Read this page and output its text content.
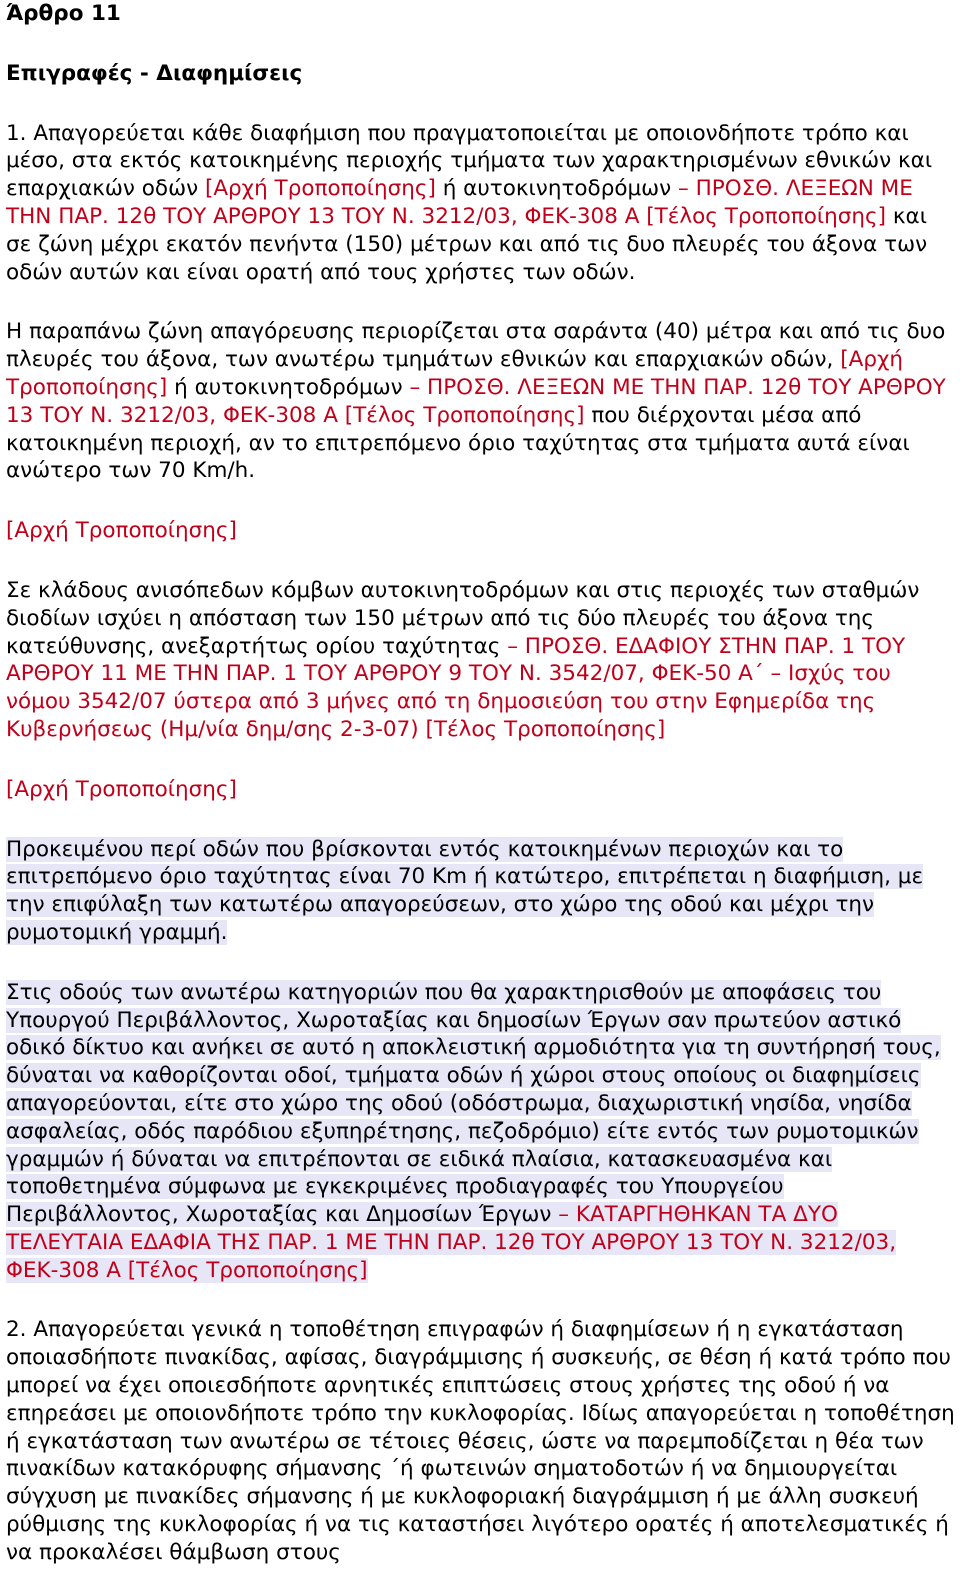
Άρθρο 11

Επιγραφές - Διαφημίσεις

1. Απαγορεύεται κάθε διαφήμιση που πραγματοποιείται με οποιονδήποτε τρόπο και μέσο, στα εκτός κατοικημένης περιοχής τμήματα των χαρακτηρισμένων εθνικών και επαρχιακών οδών [Αρχή Τροποποίησης] ή αυτοκινητοδρόμων – ΠΡΟΣΘ. ΛΕΞΕΩΝ ΜΕ ΤΗΝ ΠΑΡ. 12θ ΤΟΥ ΑΡΘΡΟΥ 13 ΤΟΥ Ν. 3212/03, ΦΕΚ-308 Α [Τέλος Τροποποίησης] και σε ζώνη μέχρι εκατόν πενήντα (150) μέτρων και από τις δυο πλευρές του άξονα των οδών αυτών και είναι ορατή από τους χρήστες των οδών.

Η παραπάνω ζώνη απαγόρευσης περιορίζεται στα σαράντα (40) μέτρα και από τις δυο πλευρές του άξονα, των ανωτέρω τμημάτων εθνικών και επαρχιακών οδών, [Αρχή Τροποποίησης] ή αυτοκινητοδρόμων – ΠΡΟΣΘ. ΛΕΞΕΩΝ ΜΕ ΤΗΝ ΠΑΡ. 12θ ΤΟΥ ΑΡΘΡΟΥ 13 ΤΟΥ Ν. 3212/03, ΦΕΚ-308 Α [Τέλος Τροποποίησης] που διέρχονται μέσα από κατοικημένη περιοχή, αν το επιτρεπόμενο όριο ταχύτητας στα τμήματα αυτά είναι ανώτερο των 70 Km/h.

[Αρχή Τροποποίησης]

Σε κλάδους ανισόπεδων κόμβων αυτοκινητοδρόμων και στις περιοχές των σταθμών διοδίων ισχύει η απόσταση των 150 μέτρων από τις δύο πλευρές του άξονα της κατεύθυνσης, ανεξαρτήτως ορίου ταχύτητας – ΠΡΟΣΘ. ΕΔΑΦΙΟΥ ΣΤΗΝ ΠΑΡ. 1 ΤΟΥ ΑΡΘΡΟΥ 11 ΜΕ ΤΗΝ ΠΑΡ. 1 ΤΟΥ ΑΡΘΡΟΥ 9 ΤΟΥ Ν. 3542/07, ΦΕΚ-50 Α΄ – Ισχύς του νόμου 3542/07 ύστερα από 3 μήνες από τη δημοσιεύση του στην Εφημερίδα της Κυβερνήσεως (Ημ/νία δημ/σης 2-3-07) [Τέλος Τροποποίησης]

[Αρχή Τροποποίησης]

Προκειμένου περί οδών που βρίσκονται εντός κατοικημένων περιοχών και το επιτρεπόμενο όριο ταχύτητας είναι 70 Km ή κατώτερο, επιτρέπεται η διαφήμιση, με την επιφύλαξη των κατωτέρω απαγορεύσεων, στο χώρο της οδού και μέχρι την ρυμοτομική γραμμή.

Στις οδούς των ανωτέρω κατηγοριών που θα χαρακτηρισθούν με αποφάσεις του Υπουργού Περιβάλλοντος, Χωροταξίας και δημοσίων Έργων σαν πρωτεύον αστικό οδικό δίκτυο και ανήκει σε αυτό η αποκλειστική αρμοδιότητα για τη συντήρησή τους, δύναται να καθορίζονται οδοί, τμήματα οδών ή χώροι στους οποίους οι διαφημίσεις απαγορεύονται, είτε στο χώρο της οδού (οδόστρωμα, διαχωριστική νησίδα, νησίδα ασφαλείας, οδός παρόδιου εξυπηρέτησης, πεζοδρόμιο) είτε εντός των ρυμοτομικών γραμμών ή δύναται να επιτρέπονται σε ειδικά πλαίσια, κατασκευασμένα και τοποθετημένα σύμφωνα με εγκεκριμένες προδιαγραφές του Υπουργείου Περιβάλλοντος, Χωροταξίας και Δημοσίων Έργων – ΚΑΤΑΡΓΗΘΗΚΑΝ ΤΑ ΔΥΟ ΤΕΛΕΥΤΑΙΑ ΕΔΑΦΙΑ ΤΗΣ ΠΑΡ. 1 ΜΕ ΤΗΝ ΠΑΡ. 12θ ΤΟΥ ΑΡΘΡΟΥ 13 ΤΟΥ Ν. 3212/03, ΦΕΚ-308 Α [Τέλος Τροποποίησης]

2. Απαγορεύεται γενικά η τοποθέτηση επιγραφών ή διαφημίσεων ή η εγκατάσταση οποιασδήποτε πινακίδας, αφίσας, διαγράμμισης ή συσκευής, σε θέση ή κατά τρόπο που μπορεί να έχει οποιεσδήποτε αρνητικές επιπτώσεις στους χρήστες της οδού ή να επηρεάσει με οποιονδήποτε τρόπο την κυκλοφορίας. Ιδίως απαγορεύεται η τοποθέτηση ή εγκατάσταση των ανωτέρω σε τέτοιες θέσεις, ώστε να παρεμποδίζεται η θέα των πινακίδων κατακόρυφης σήμανσης ΄ή φωτεινών σηματοδοτών ή να δημιουργείται σύγχυση με πινακίδες σήμανσης ή με κυκλοφοριακή διαγράμμιση ή με άλλη συσκευή ρύθμισης της κυκλοφορίας ή να τις καταστήσει λιγότερο ορατές ή αποτελεσματικές ή να προκαλέσει θάμβωση στους
